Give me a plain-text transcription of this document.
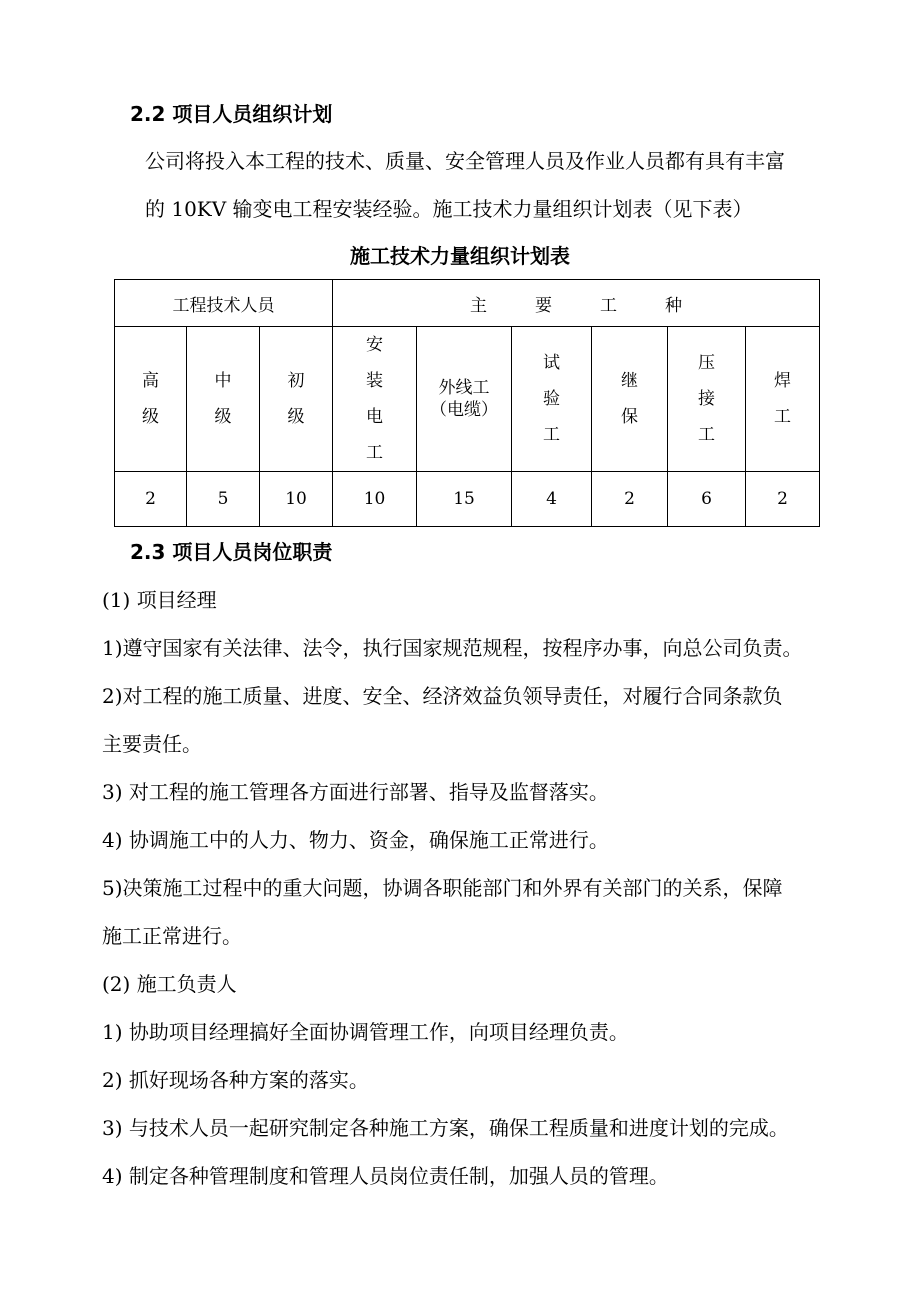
2.2 项目人员组织计划
公司将投入本工程的技术、质量、安全管理人员及作业人员都有具有丰富
的 10KV 输变电工程安装经验。施工技术力量组织计划表（见下表）
施工技术力量组织计划表
工程技术人员			主要工种					
高级	中级	初级	安装电工	外线工（电缆）	试验工	继保	压接工	焊工
2	5	10	10	15	4	2	6	2
2.3 项目人员岗位职责
(1) 项目经理
1)遵守国家有关法律、法令，执行国家规范规程，按程序办事，向总公司负责。
2)对工程的施工质量、进度、安全、经济效益负领导责任，对履行合同条款负
主要责任。
3) 对工程的施工管理各方面进行部署、指导及监督落实。
4) 协调施工中的人力、物力、资金，确保施工正常进行。
5)决策施工过程中的重大问题，协调各职能部门和外界有关部门的关系，保障
施工正常进行。
(2) 施工负责人
1) 协助项目经理搞好全面协调管理工作，向项目经理负责。
2) 抓好现场各种方案的落实。
3) 与技术人员一起研究制定各种施工方案，确保工程质量和进度计划的完成。
4) 制定各种管理制度和管理人员岗位责任制，加强人员的管理。
